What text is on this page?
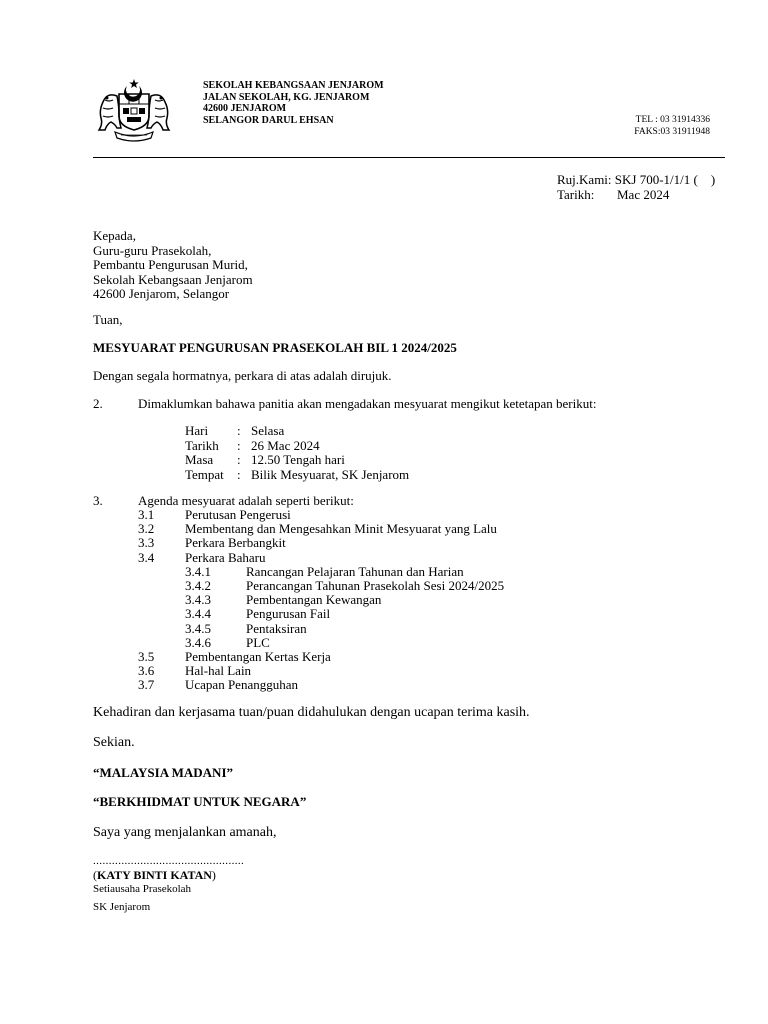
SEKOLAH KEBANGSAAN JENJAROM
JALAN SEKOLAH, KG. JENJAROM
42600 JENJAROM
SELANGOR DARUL EHSAN	TEL : 03 31914336
FAKS:03 31911948
Ruj.Kami: SKJ 700-1/1/1 (    )
Tarikh: Mac 2024
Kepada,
Guru-guru Prasekolah,
Pembantu Pengurusan Murid,
Sekolah Kebangsaan Jenjarom
42600 Jenjarom, Selangor
Tuan,
MESYUARAT PENGURUSAN PRASEKOLAH BIL 1 2024/2025
Dengan segala hormatnya, perkara di atas adalah dirujuk.
2.	Dimaklumkan bahawa panitia akan mengadakan mesyuarat mengikut ketetapan berikut:
Hari	: Selasa
Tarikh	: 26 Mac 2024
Masa	: 12.50 Tengah hari
Tempat	: Bilik Mesyuarat, SK Jenjarom
3.	Agenda mesyuarat adalah seperti berikut:
3.1	Perutusan Pengerusi
3.2	Membentang dan Mengesahkan Minit Mesyuarat yang Lalu
3.3	Perkara Berbangkit
3.4	Perkara Baharu
3.4.1	Rancangan Pelajaran Tahunan dan Harian
3.4.2	Perancangan Tahunan Prasekolah Sesi 2024/2025
3.4.3	Pembentangan Kewangan
3.4.4	Pengurusan Fail
3.4.5	Pentaksiran
3.4.6	PLC
3.5	Pembentangan Kertas Kerja
3.6	Hal-hal Lain
3.7	Ucapan Penangguhan
Kehadiran dan kerjasama tuan/puan didahulukan dengan ucapan terima kasih.
Sekian.
“MALAYSIA MADANI”
“BERKHIDMAT UNTUK NEGARA”
Saya yang menjalankan amanah,
................................................
(KATY BINTI KATAN)
Setiausaha Prasekolah
SK Jenjarom
